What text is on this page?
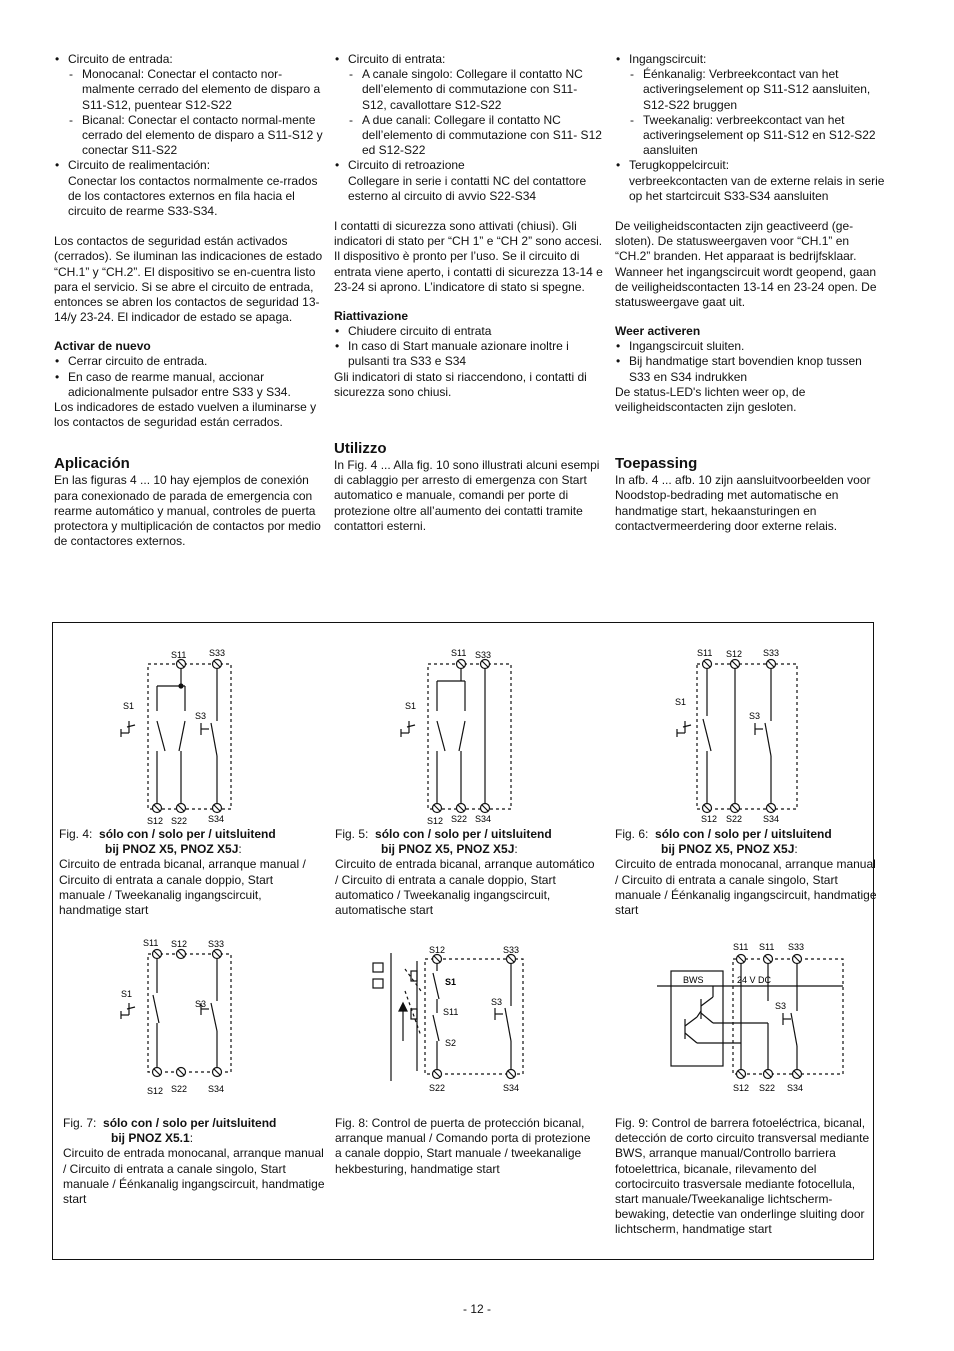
• Circuito de entrada:
- Monocanal: Conectar el contacto nor-malmente cerrado del elemento de disparo a S11-S12, puentear S12-S22
- Bicanal: Conectar el contacto normal-mente cerrado del elemento de disparo a S11-S12 y conectar S11-S22
• Circuito de realimentación:
Conectar los contactos normalmente ce-rrados de los contactores externos en fila hacia el circuito de rearme S33-S34.

Los contactos de seguridad están activados (cerrados). Se iluminan las indicaciones de estado “CH.1” y “CH.2”. El dispositivo se en-cuentra listo para el servicio. Si se abre el circuito de entrada, entonces se abren los contactos de seguridad 13-14/y 23-24. El indicador de estado se apaga.

Activar de nuevo
• Cerrar circuito de entrada.
• En caso de rearme manual, accionar adicionalmente pulsador entre S33 y S34.

Los indicadores de estado vuelven a iluminarse y los contactos de seguridad están cerrados.

Aplicación

En las figuras 4 ... 10 hay ejemplos de conexión para conexionado de parada de emergencia con rearme automático y manual, controles de puerta protectora y multiplicación de contactos por medio de contactores externos.

• Circuito di entrata:
- A canale singolo: Collegare il contatto NC dell’elemento di commutazione con S11- S12, cavallottare S12-S22
- A due canali: Collegare il contatto NC dell’elemento di commutazione con S11- S12 ed S12-S22
• Circuito di retroazione
Collegare in serie i contatti NC del contattore esterno al circuito di avvio S22-S34

I contatti di sicurezza sono attivati (chiusi). Gli indicatori di stato per “CH 1” e “CH 2” sono accesi. Il dispositivo è pronto per l’uso. Se il circuito di entrata viene aperto, i contatti di sicurezza 13-14 e 23-24 si aprono. L’indicatore di stato si spegne.

Riattivazione
• Chiudere circuito di entrata
• In caso di Start manuale azionare inoltre i pulsanti tra S33 e S34

Gli indicatori di stato si riaccendono, i contatti di sicurezza sono chiusi.

Utilizzo

In Fig. 4 ... Alla fig. 10 sono illustrati alcuni esempi di cablaggio per arresto di emergenza con Start automatico e manuale, comandi per porte di protezione oltre all’aumento dei contatti tramite contattori esterni.

• Ingangscircuit:
- Éénkanalig: Verbreekcontact van het activeringselement op S11-S12 aansluiten, S12-S22 bruggen
- Tweekanalig: verbreekcontact van het activeringselement op S11-S12 en S12-S22 aansluiten
• Terugkoppelcircuit:
verbreekcontacten van de externe relais in serie op het startcircuit S33-S34 aansluiten

De veiligheidscontacten zijn geactiveerd (ge-sloten). De statusweergaven voor “CH.1” en “CH.2” branden. Het apparaat is bedrijfsklaar.

Wanneer het ingangscircuit wordt geopend, gaan de veiligheidscontacten 13-14 en 23-24 open. De statusweergave gaat uit.

Weer activeren
• Ingangscircuit sluiten.
• Bij handmatige start bovendien knop tussen S33 en S34 indrukken

De status-LED's lichten weer op, de veiligheidscontacten zijn gesloten.

Toepassing

In afb. 4 ... afb. 10 zijn aansluitvoorbeelden voor Noodstop-bedrading met automatische en handmatige start, hekaansturingen en contactvermeerdering door externe relais.

S11	S33
S1
S3
S12 S22 S34
S11 S33
S1
S12 S22 S34
S11 S12 S33
S1
S3
S12 S22 S34
S11 S12 S33
S1
S3
S12 S22 S34
S12	S33
S1
S11
S2
S3
S22	S34
S11 S11 S33
BWS	24 V DC
S3
S12 S22 S34
Fig. 4: sólo con / solo per / uitsluitend
bij PNOZ X5, PNOZ X5J:
Circuito de entrada bicanal, arranque manual / Circuito di entrata a canale doppio, Start manuale / Tweekanalig ingangscircuit, handmatige start
Fig. 5: sólo con / solo per / uitsluitend
bij PNOZ X5, PNOZ X5J:
Circuito de entrada bicanal, arranque automático / Circuito di entrata a canale doppio, Start automatico / Tweekanalig ingangscircuit, automatische start
Fig. 6: sólo con / solo per / uitsluitend
bij PNOZ X5, PNOZ X5J:
Circuito de entrada monocanal, arranque manual / Circuito di entrata a canale singolo, Start manuale / Éénkanalig ingangscircuit, handmatige start
Fig. 7: sólo con / solo per /uitsluitend
bij PNOZ X5.1:
Circuito de entrada monocanal, arranque manual / Circuito di entrata a canale singolo, Start manuale / Éénkanalig ingangscircuit, handmatige start
Fig. 8: Control de puerta de protección bicanal, arranque manual / Comando porta di protezione a canale doppio, Start manuale / tweekanalige hekbesturing, handmatige start
Fig. 9: Control de barrera fotoeléctrica, bicanal, detección de corto circuito transversal mediante BWS, arranque manual/Controllo barriera fotoelettrica, bicanale, rilevamento del cortocircuito trasversale mediante fotocellula, start manuale/Tweekanalige lichtscherm-bewaking, detectie van onderlinge sluiting door lichtscherm, handmatige start
- 12 -
